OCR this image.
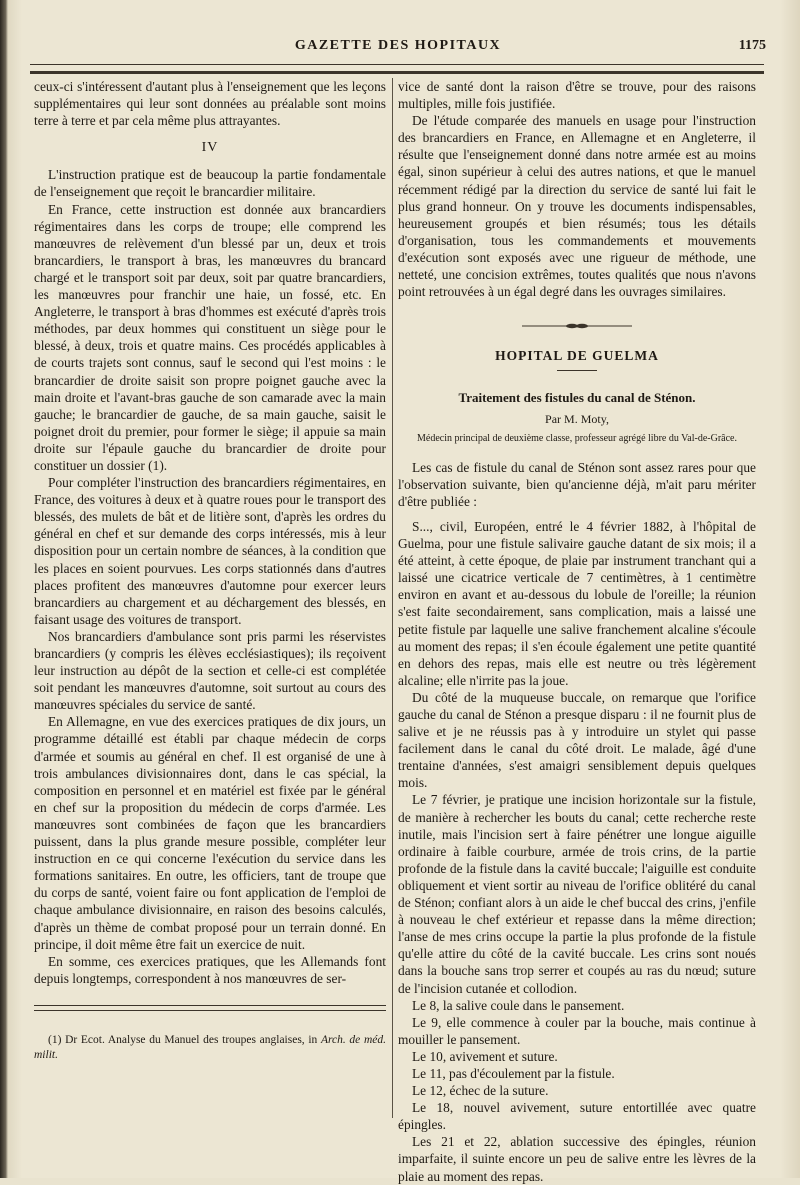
GAZETTE DES HOPITAUX	1175

ceux-ci s'intéressent d'autant plus à l'enseignement que les leçons supplémentaires qui leur sont données au préalable sont moins terre à terre et par cela même plus attrayantes.

IV

L'instruction pratique est de beaucoup la partie fondamentale de l'enseignement que reçoit le brancardier militaire.

En France, cette instruction est donnée aux brancardiers régimentaires dans les corps de troupe; elle comprend les manœuvres de relèvement d'un blessé par un, deux et trois brancardiers, le transport à bras, les manœuvres du brancard chargé et le transport soit par deux, soit par quatre brancardiers, les manœuvres pour franchir une haie, un fossé, etc. En Angleterre, le transport à bras d'hommes est exécuté d'après trois méthodes, par deux hommes qui constituent un siège pour le blessé, à deux, trois et quatre mains. Ces procédés applicables à de courts trajets sont connus, sauf le second qui l'est moins : le brancardier de droite saisit son propre poignet gauche avec la main droite et l'avant-bras gauche de son camarade avec la main gauche; le brancardier de gauche, de sa main gauche, saisit le poignet droit du premier, pour former le siège; il appuie sa main droite sur l'épaule gauche du brancardier de droite pour constituer un dossier (1).

Pour compléter l'instruction des brancardiers régimentaires, en France, des voitures à deux et à quatre roues pour le transport des blessés, des mulets de bât et de litière sont, d'après les ordres du général en chef et sur demande des corps intéressés, mis à leur disposition pour un certain nombre de séances, à la condition que les places en soient pourvues. Les corps stationnés dans d'autres places profitent des manœuvres d'automne pour exercer leurs brancardiers au chargement et au déchargement des blessés, en faisant usage des voitures de transport.

Nos brancardiers d'ambulance sont pris parmi les réservistes brancardiers (y compris les élèves ecclésiastiques); ils reçoivent leur instruction au dépôt de la section et celle-ci est complétée soit pendant les manœuvres d'automne, soit surtout au cours des manœuvres spéciales du service de santé.

En Allemagne, en vue des exercices pratiques de dix jours, un programme détaillé est établi par chaque médecin de corps d'armée et soumis au général en chef. Il est organisé de une à trois ambulances divisionnaires dont, dans le cas spécial, la composition en personnel et en matériel est fixée par le général en chef sur la proposition du médecin de corps d'armée. Les manœuvres sont combinées de façon que les brancardiers puissent, dans la plus grande mesure possible, compléter leur instruction en ce qui concerne l'exécution du service dans les formations sanitaires. En outre, les officiers, tant de troupe que du corps de santé, voient faire ou font application de l'emploi de chaque ambulance divisionnaire, en raison des besoins calculés, d'après un thème de combat proposé pour un terrain donné. En principe, il doit même être fait un exercice de nuit.

En somme, ces exercices pratiques, que les Allemands font depuis longtemps, correspondent à nos manœuvres de ser-

(1) Dr Ecot. Analyse du Manuel des troupes anglaises, in Arch. de méd. milit.

vice de santé dont la raison d'être se trouve, pour des raisons multiples, mille fois justifiée.

De l'étude comparée des manuels en usage pour l'instruction des brancardiers en France, en Allemagne et en Angleterre, il résulte que l'enseignement donné dans notre armée est au moins égal, sinon supérieur à celui des autres nations, et que le manuel récemment rédigé par la direction du service de santé lui fait le plus grand honneur. On y trouve les documents indispensables, heureusement groupés et bien résumés; tous les détails d'organisation, tous les commandements et mouvements d'exécution sont exposés avec une rigueur de méthode, une netteté, une concision extrêmes, toutes qualités que nous n'avons point retrouvées à un égal degré dans les ouvrages similaires.

HOPITAL DE GUELMA

Traitement des fistules du canal de Sténon.

Par M. Moty,

Médecin principal de deuxième classe, professeur agrégé libre du Val-de-Grâce.

Les cas de fistule du canal de Sténon sont assez rares pour que l'observation suivante, bien qu'ancienne déjà, m'ait paru mériter d'être publiée :

S..., civil, Européen, entré le 4 février 1882, à l'hôpital de Guelma, pour une fistule salivaire gauche datant de six mois; il a été atteint, à cette époque, de plaie par instrument tranchant qui a laissé une cicatrice verticale de 7 centimètres, à 1 centimètre environ en avant et au-dessous du lobule de l'oreille; la réunion s'est faite secondairement, sans complication, mais a laissé une petite fistule par laquelle une salive franchement alcaline s'écoule au moment des repas; il s'en écoule également une petite quantité en dehors des repas, mais elle est neutre ou très légèrement alcaline; elle n'irrite pas la joue.

Du côté de la muqueuse buccale, on remarque que l'orifice gauche du canal de Sténon a presque disparu : il ne fournit plus de salive et je ne réussis pas à y introduire un stylet qui passe facilement dans le canal du côté droit. Le malade, âgé d'une trentaine d'années, s'est amaigri sensiblement depuis quelques mois.

Le 7 février, je pratique une incision horizontale sur la fistule, de manière à rechercher les bouts du canal; cette recherche reste inutile, mais l'incision sert à faire pénétrer une longue aiguille ordinaire à faible courbure, armée de trois crins, de la partie profonde de la fistule dans la cavité buccale; l'aiguille est conduite obliquement et vient sortir au niveau de l'orifice oblitéré du canal de Sténon; confiant alors à un aide le chef buccal des crins, j'enfile à nouveau le chef extérieur et repasse dans la même direction; l'anse de mes crins occupe la partie la plus profonde de la fistule qu'elle attire du côté de la cavité buccale. Les crins sont noués dans la bouche sans trop serrer et coupés au ras du nœud; suture de l'incision cutanée et collodion.

Le 8, la salive coule dans le pansement.

Le 9, elle commence à couler par la bouche, mais continue à mouiller le pansement.

Le 10, avivement et suture.

Le 11, pas d'écoulement par la fistule.

Le 12, échec de la suture.

Le 18, nouvel avivement, suture entortillée avec quatre épingles.

Les 21 et 22, ablation successive des épingles, réunion imparfaite, il suinte encore un peu de salive entre les lèvres de la plaie au moment des repas.
